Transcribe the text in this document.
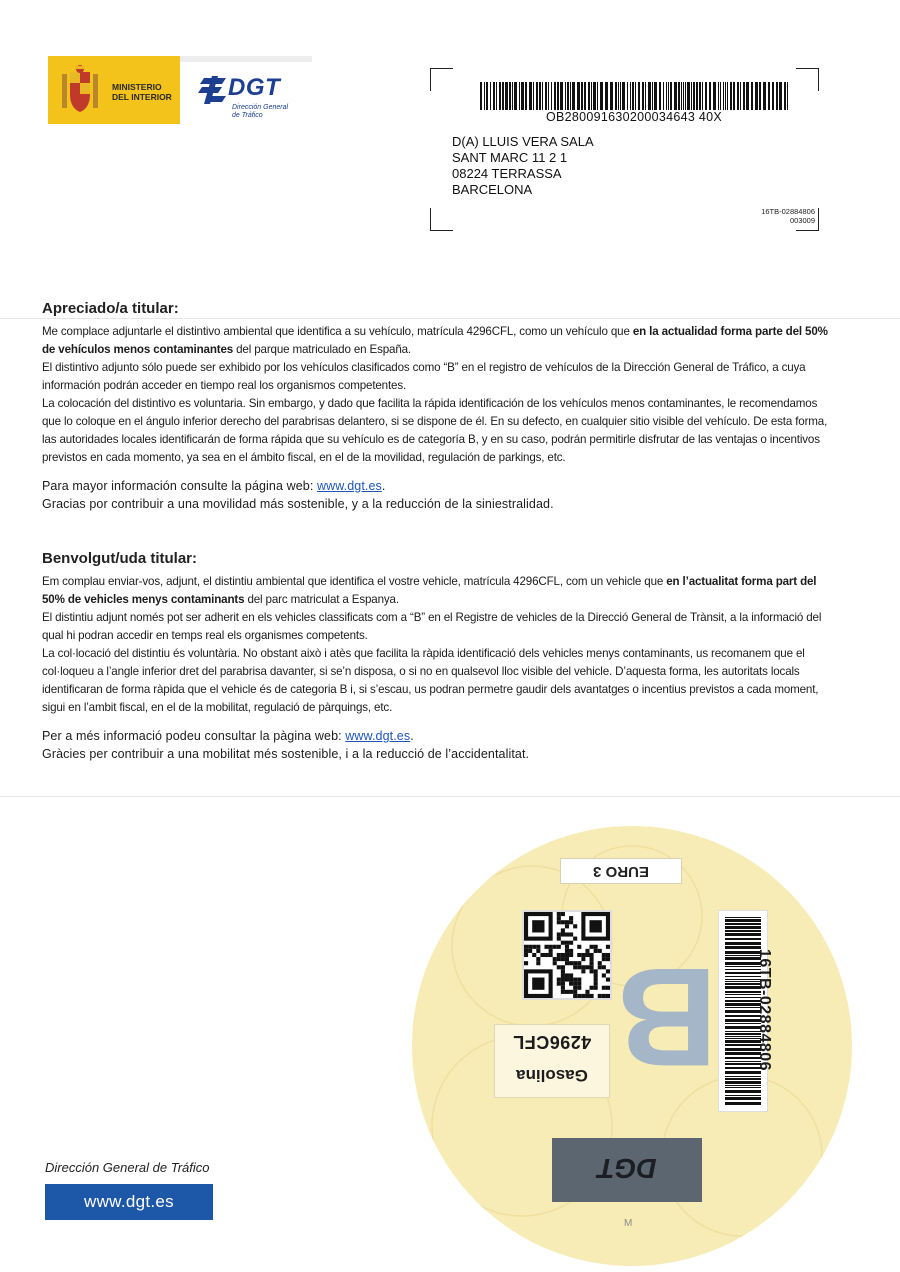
MINISTERIO
DEL INTERIOR DGT
Dirección General
de Tráfico	OB280091630200034643 40X
D(A) LLUIS VERA SALA
SANT MARC 11 2 1
08224 TERRASSA
BARCELONA
16TB-02884806
003009
Apreciado/a titular:

Me complace adjuntarle el distintivo ambiental que identifica a su vehículo, matrícula 4296CFL, como un vehículo que en la actualidad forma parte del 50% de vehículos menos contaminantes del parque matriculado en España.

El distintivo adjunto sólo puede ser exhibido por los vehículos clasificados como “B” en el registro de vehículos de la Dirección General de Tráfico, a cuya información podrán acceder en tiempo real los organismos competentes.

La colocación del distintivo es voluntaria. Sin embargo, y dado que facilita la rápida identificación de los vehículos menos contaminantes, le recomendamos que lo coloque en el ángulo inferior derecho del parabrisas delantero, si se dispone de él. En su defecto, en cualquier sitio visible del vehículo. De esta forma, las autoridades locales identificarán de forma rápida que su vehículo es de categoría B, y en su caso, podrán permitirle disfrutar de las ventajas o incentivos previstos en cada momento, ya sea en el ámbito fiscal, en el de la movilidad, regulación de parkings, etc.

Para mayor información consulte la página web: www.dgt.es.

Gracias por contribuir a una movilidad más sostenible, y a la reducción de la siniestralidad.

Benvolgut/uda titular:

Em complau enviar-vos, adjunt, el distintiu ambiental que identifica el vostre vehicle, matrícula 4296CFL, com un vehicle que en l’actualitat forma part del 50% de vehicles menys contaminants del parc matriculat a Espanya.

El distintiu adjunt només pot ser adherit en els vehicles classificats com a “B” en el Registre de vehicles de la Direcció General de Trànsit, a la informació del qual hi podran accedir en temps real els organismes competents.

La col·locació del distintiu és voluntària. No obstant això i atès que facilita la ràpida identificació dels vehicles menys contaminants, us recomanem que el col·loqueu a l’angle inferior dret del parabrisa davanter, si se’n disposa, o si no en qualsevol lloc visible del vehicle. D’aquesta forma, les autoritats locals identificaran de forma ràpida que el vehicle és de categoria B i, si s’escau, us podran permetre gaudir dels avantatges o incentius previstos a cada moment, sigui en l’ambit fiscal, en el de la mobilitat, regulació de pàrquings, etc.

Per a més informació podeu consultar la pàgina web: www.dgt.es.

Gràcies per contribuir a una mobilitat més sostenible, i a la reducció de l’accidentalitat.

EURO 3
B
4296CFL
Gasolina
16TB-02884806
DGT
M
Dirección General de Tráfico
www.dgt.es
